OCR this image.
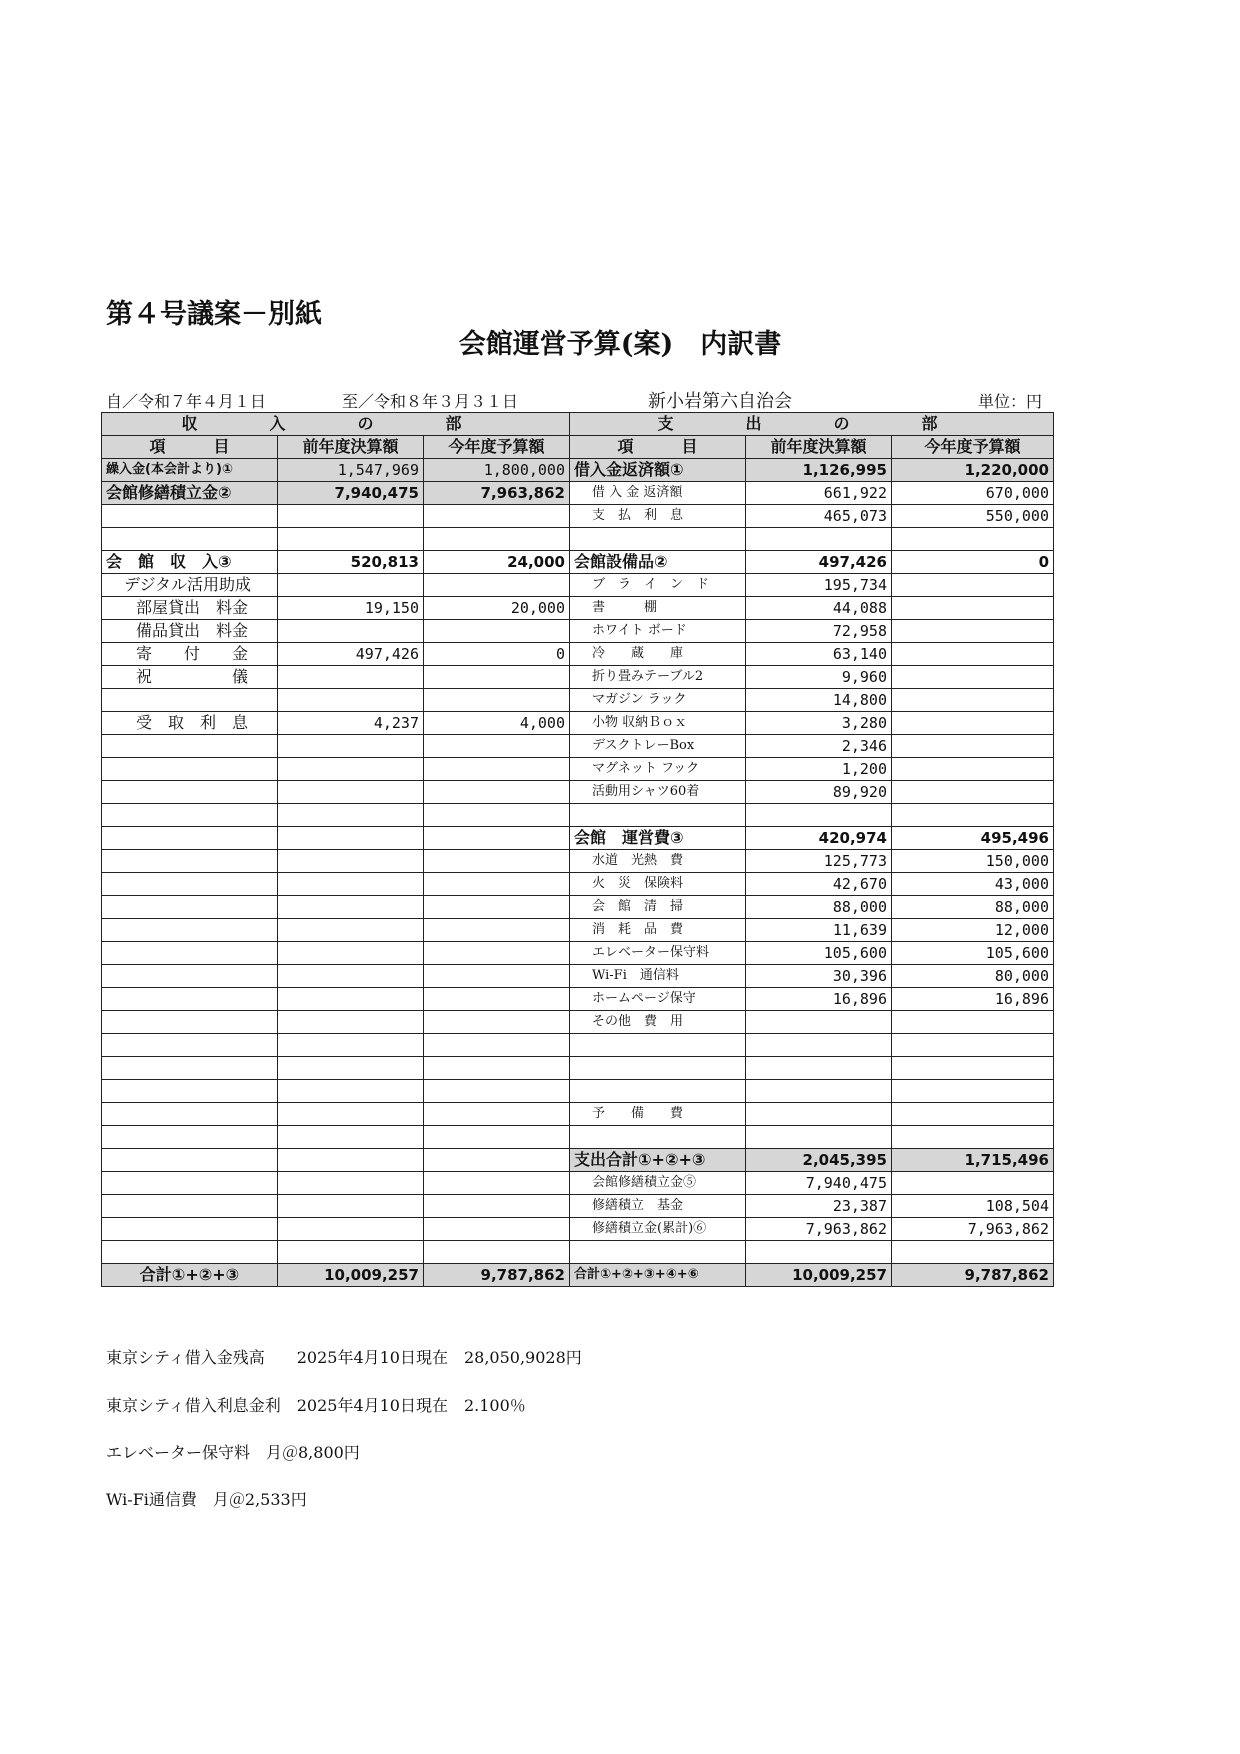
第４号議案－別紙
会館運営予算(案)　内訳書
自／令和７年４月１日	至／令和８年３月３１日	新小岩第六自治会	単位：円
収　入　の　部			支　出　の　部		
項　　　目	前年度決算額	今年度予算額	項　　　目	前年度決算額	今年度予算額
繰入金(本会計より)①	1,547,969	1,800,000	借入金返済額①	1,126,995	1,220,000
会館修繕積立金②	7,940,475	7,963,862	借 入 金 返済額	661,922	670,000
			支　払　利　息	465,073	550,000

会　館　収　入③	520,813	24,000	会館設備品②	497,426	0
デジタル活用助成			ブ　ラ　イ　ン　ド	195,734	
部屋貸出　料金	19,150	20,000	書　　　棚	44,088	
備品貸出　料金			ホワイト ボード	72,958	
寄　　付　　金	497,426	0	冷　　蔵　　庫	63,140	
祝　　　　　儀			折り畳みテーブル2	9,960	
			マガジン ラック	14,800	
受　取　利　息	4,237	4,000	小物 収納Ｂｏｘ	3,280	
			デスクトレーBox	2,346	
			マグネット フック	1,200	
			活動用シャツ60着	89,920	

			会館　運営費③	420,974	495,496
			水道　光熱　費	125,773	150,000
			火　災　保険料	42,670	43,000
			会　館　清　掃	88,000	88,000
			消　耗　品　費	11,639	12,000
			エレベーター保守料	105,600	105,600
			Wi-Fi　通信料	30,396	80,000
			ホームページ保守	16,896	16,896
			その他　費　用		

			予　　備　　費		

			支出合計①+②+③	2,045,395	1,715,496
			会館修繕積立金⑤	7,940,475	
			修繕積立　基金	23,387	108,504
			修繕積立金(累計)⑥	7,963,862	7,963,862

合計①+②+③	10,009,257	9,787,862	合計①+②+③+④+⑥	10,009,257	9,787,862
東京シティ借入金残高　　2025年4月10日現在　28,050,9028円
東京シティ借入利息金利　2025年4月10日現在　2.100％
エレベーター保守料　月＠8,800円
Wi-Fi通信費　月＠2,533円
